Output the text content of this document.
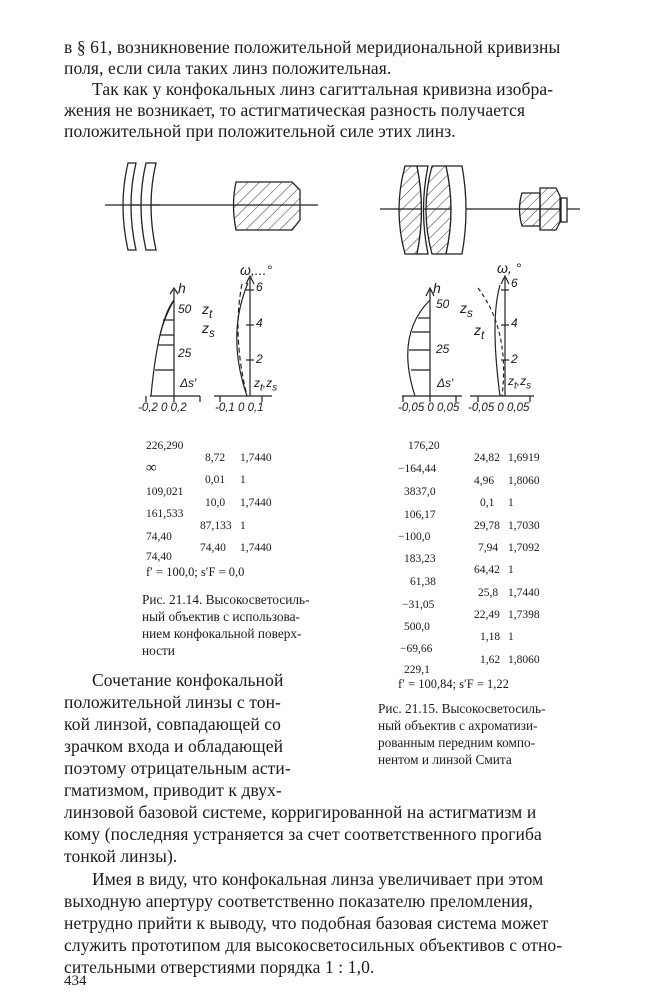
в § 61, возникновение положительной меридиональной кривизны
поля, если сила таких линз положительная.
Так как у конфокальных линз сагиттальная кривизна изобра-
жения не возникает, то астигматическая разность получается
положительной при положительной силе этих линз.
h
50
25
Δs′
-0,2 0 0,2
ω,...°
6
4
2
$z_t$
$z_s$
$z_t,z_s$
-0,1 0 0,1
h
50
25
Δs′
-0,05 0 0,05
ω, °
6
4
2
$z_s$
$z_t$
$z_t,z_s$
-0,05 0 0,05
226,290
∞
109,021
161,533
74,40
74,40
8,72
0,01
10,0
87,133
74,40
1,7440
1
1,7440
1
1,7440
f′ = 100,0; s′F = 0,0
Рис. 21.14. Высокосветосиль-
ный объектив с использова-
нием конфокальной поверх-
ности
176,20
−164,44
3837,0
106,17
−100,0
183,23
61,38
−31,05
500,0
−69,66
229,1
24,82
4,96
0,1
29,78
7,94
64,42
25,8
22,49
1,18
1,62
1,6919
1,8060
1
1,7030
1,7092
1
1,7440
1,7398
1
1,8060
f′ = 100,84; s′F = 1,22
Рис. 21.15. Высокосветосиль-
ный объектив с ахроматизи-
рованным передним компо-
нентом и линзой Смита
Сочетание конфокальной
положительной линзы с тон-
кой линзой, совпадающей со
зрачком входа и обладающей
поэтому отрицательным асти-
гматизмом, приводит к двух-
линзовой базовой системе, корригированной на астигматизм и
кому (последняя устраняется за счет соответственного прогиба
тонкой линзы).
Имея в виду, что конфокальная линза увеличивает при этом
выходную апертуру соответственно показателю преломления,
нетрудно прийти к выводу, что подобная базовая система может
служить прототипом для высокосветосильных объективов с отно-
сительными отверстиями порядка 1 : 1,0.
434
